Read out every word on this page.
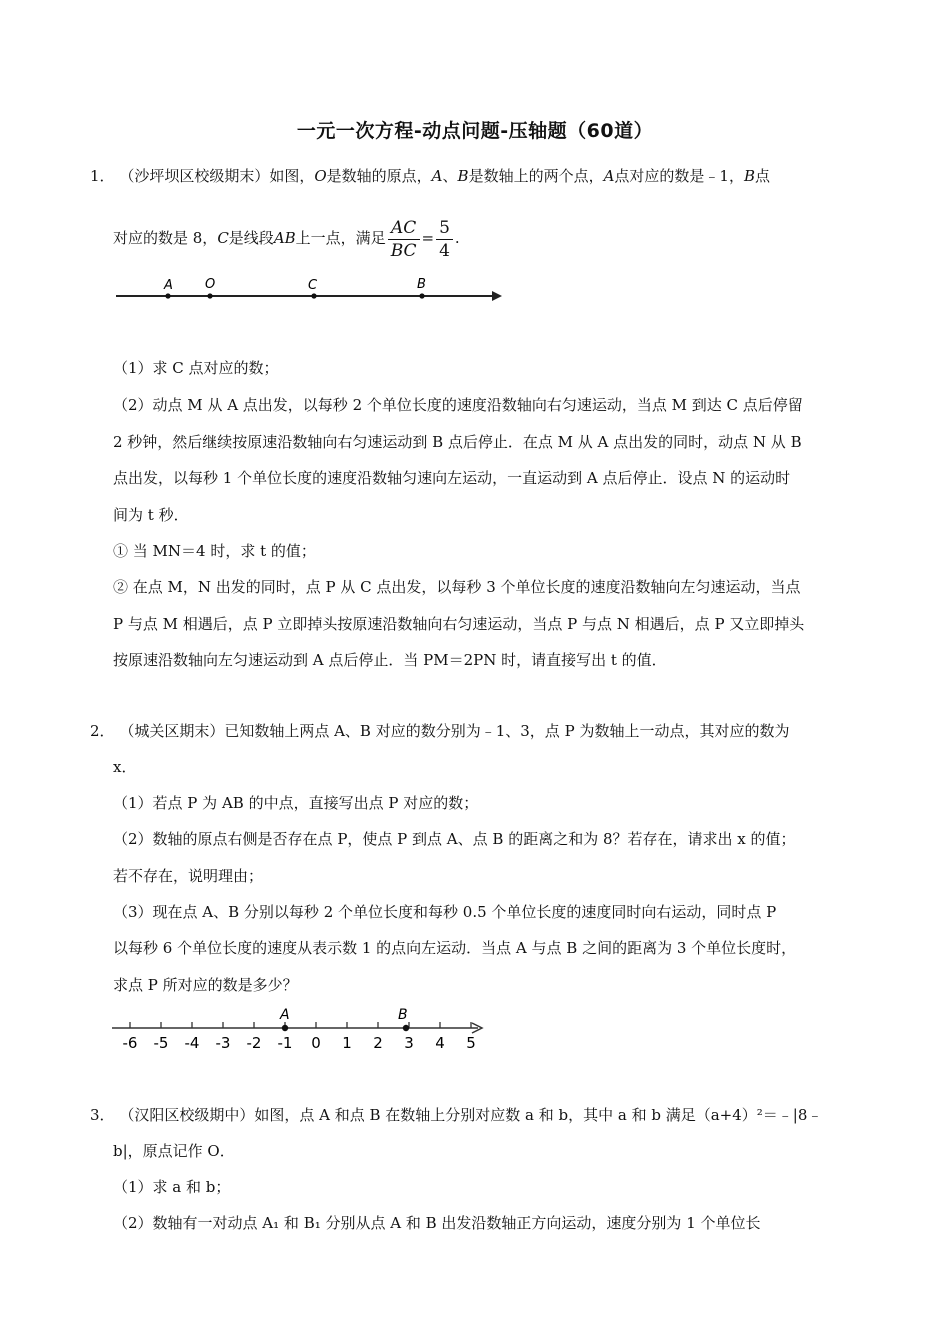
一元一次方程-动点问题-压轴题（60道）
1． （沙坪坝区校级期末）如图，O是数轴的原点，A、B是数轴上的两个点，A点对应的数是﹣1，B点
对应的数是 8，C是线段AB上一点，满足 $\frac{AC}{BC} = \frac{5}{4}$ .
A O	C	B
（1）求 C 点对应的数；
（2）动点 M 从 A 点出发，以每秒 2 个单位长度的速度沿数轴向右匀速运动，当点 M 到达 C 点后停留
2 秒钟，然后继续按原速沿数轴向右匀速运动到 B 点后停止．在点 M 从 A 点出发的同时，动点 N 从 B
点出发，以每秒 1 个单位长度的速度沿数轴匀速向左运动，一直运动到 A 点后停止．设点 N 的运动时
间为 t 秒．
① 当 MN＝4 时，求 t 的值；
② 在点 M，N 出发的同时，点 P 从 C 点出发，以每秒 3 个单位长度的速度沿数轴向左匀速运动，当点
P 与点 M 相遇后，点 P 立即掉头按原速沿数轴向右匀速运动，当点 P 与点 N 相遇后，点 P 又立即掉头
按原速沿数轴向左匀速运动到 A 点后停止．当 PM＝2PN 时，请直接写出 t 的值．
2． （城关区期末）已知数轴上两点 A、B 对应的数分别为﹣1、3，点 P 为数轴上一动点，其对应的数为
x．
（1）若点 P 为 AB 的中点，直接写出点 P 对应的数；
（2）数轴的原点右侧是否存在点 P，使点 P 到点 A、点 B 的距离之和为 8？若存在，请求出 x 的值；
若不存在，说明理由；
（3）现在点 A、B 分别以每秒 2 个单位长度和每秒 0.5 个单位长度的速度同时向右运动，同时点 P
以每秒 6 个单位长度的速度从表示数 1 的点向左运动．当点 A 与点 B 之间的距离为 3 个单位长度时，
求点 P 所对应的数是多少？
-6 -5 -4 -3 -2 -1 0 1 2 3 4 5
A	B
3． （汉阳区校级期中）如图，点 A 和点 B 在数轴上分别对应数 a 和 b，其中 a 和 b 满足（a+4）²＝﹣|8﹣
b|，原点记作 O．
（1）求 a 和 b；
（2）数轴有一对动点 A₁ 和 B₁ 分别从点 A 和 B 出发沿数轴正方向运动，速度分别为 1 个单位长
